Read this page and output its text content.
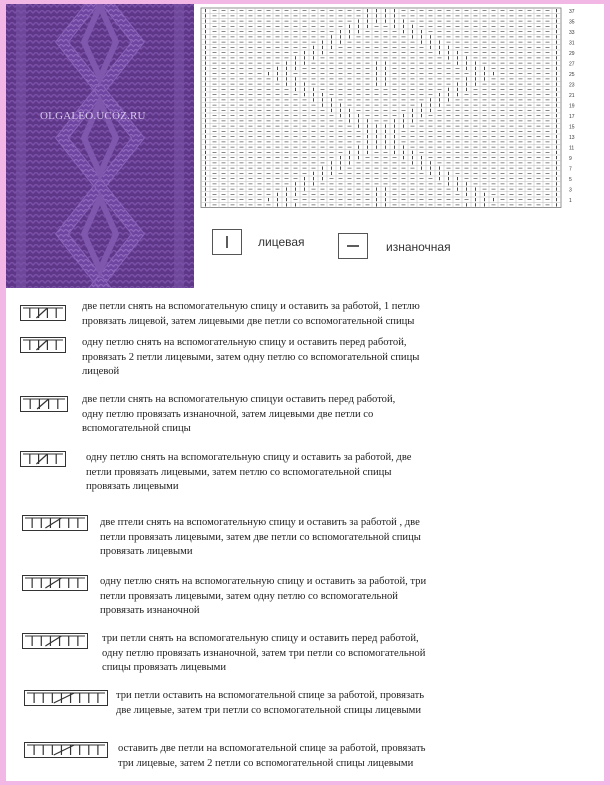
OLGALEO.UCOZ.RU
37
35
33
31
29
27
25
23
21
19
17
15
13
11
9
7
5
3
1
лицевая	изнаночная
две петли снять на вспомогательную спицу и оставить за работой, 1 петлю
провязать лицевой, затем лицевыми две петли со вспомогательной спицы
одну петлю снять на вспомогательную спицу и оставить перед работой,
провязать 2 петли лицевыми, затем одну петлю со вспомогательной спицы
лицевой
две петли снять на вспомогательную спицуи оставить перед работой,
одну петлю провязать изнаночной, затем лицевыми две петли со
вспомогательной спицы
одну петлю снять на вспомогательную спицу и оставить за работой, две
петли провязать лицевыми, затем петлю со вспомогательной спицы
провязать лицевыми
две птели снять на вспомогательную спицу и оставить за работой , две
петли провязать лицевыми, затем две петли со вспомогательной спицы
провязать лицевыми
одну петлю снять на вспомогательную спицу и оставить за работой, три
петли провязать лицевыми, затем одну петлю со вспомогательной
провязать изнаночной
три петли снять на вспомогательную спицу и оставить перед работой,
одну петлю провязать изнаночной, затем три петли со вспомогательной
спицы провязать лицевыми
три петли оставить на вспомогательной спице за работой, провязать
две лицевые, затем три петли со вспомогательной спицы лицевыми
оставить две петли на вспомогательной спице за работой, провязать
три лицевые, затем 2 петли со вспомогательной спицы лицевыми
